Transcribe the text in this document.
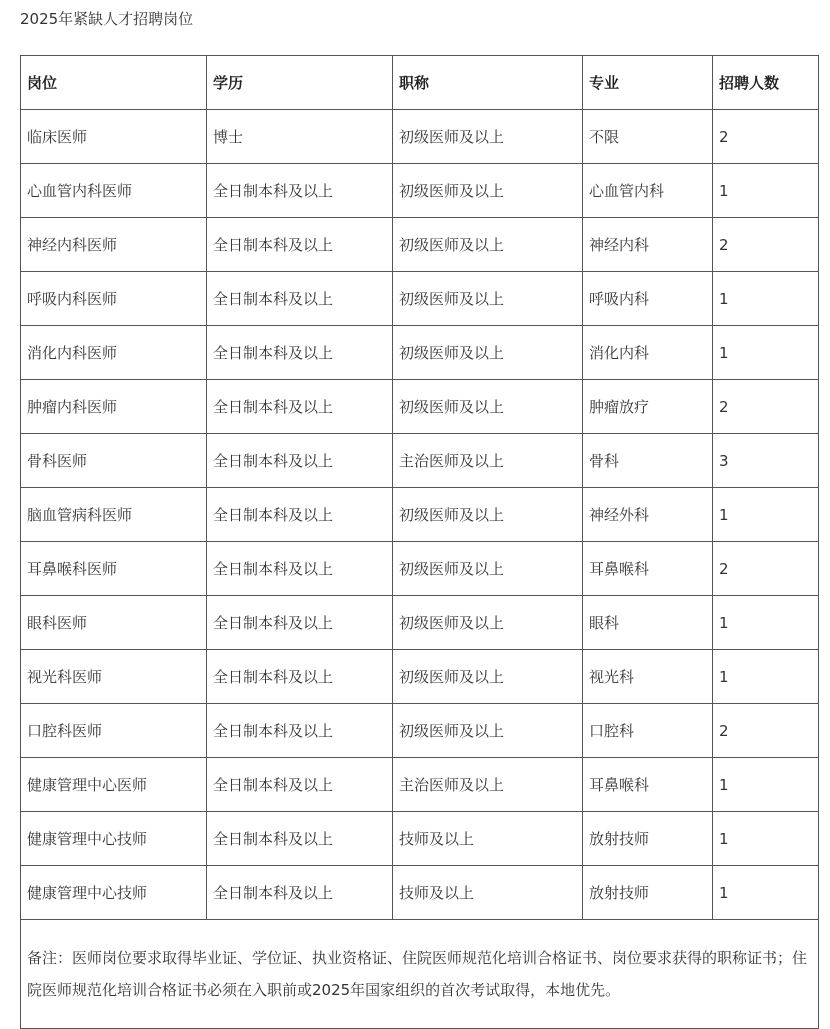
2025年紧缺人才招聘岗位
岗位	学历	职称	专业	招聘人数
临床医师	博士	初级医师及以上	不限	2
心血管内科医师	全日制本科及以上	初级医师及以上	心血管内科	1
神经内科医师	全日制本科及以上	初级医师及以上	神经内科	2
呼吸内科医师	全日制本科及以上	初级医师及以上	呼吸内科	1
消化内科医师	全日制本科及以上	初级医师及以上	消化内科	1
肿瘤内科医师	全日制本科及以上	初级医师及以上	肿瘤放疗	2
骨科医师	全日制本科及以上	主治医师及以上	骨科	3
脑血管病科医师	全日制本科及以上	初级医师及以上	神经外科	1
耳鼻喉科医师	全日制本科及以上	初级医师及以上	耳鼻喉科	2
眼科医师	全日制本科及以上	初级医师及以上	眼科	1
视光科医师	全日制本科及以上	初级医师及以上	视光科	1
口腔科医师	全日制本科及以上	初级医师及以上	口腔科	2
健康管理中心医师	全日制本科及以上	主治医师及以上	耳鼻喉科	1
健康管理中心技师	全日制本科及以上	技师及以上	放射技师	1
健康管理中心技师	全日制本科及以上	技师及以上	放射技师	1
备注：医师岗位要求取得毕业证、学位证、执业资格证、住院医师规范化培训合格证书、岗位要求获得的职称证书；住院医师规范化培训合格证书必须在入职前或2025年国家组织的首次考试取得，本地优先。				
